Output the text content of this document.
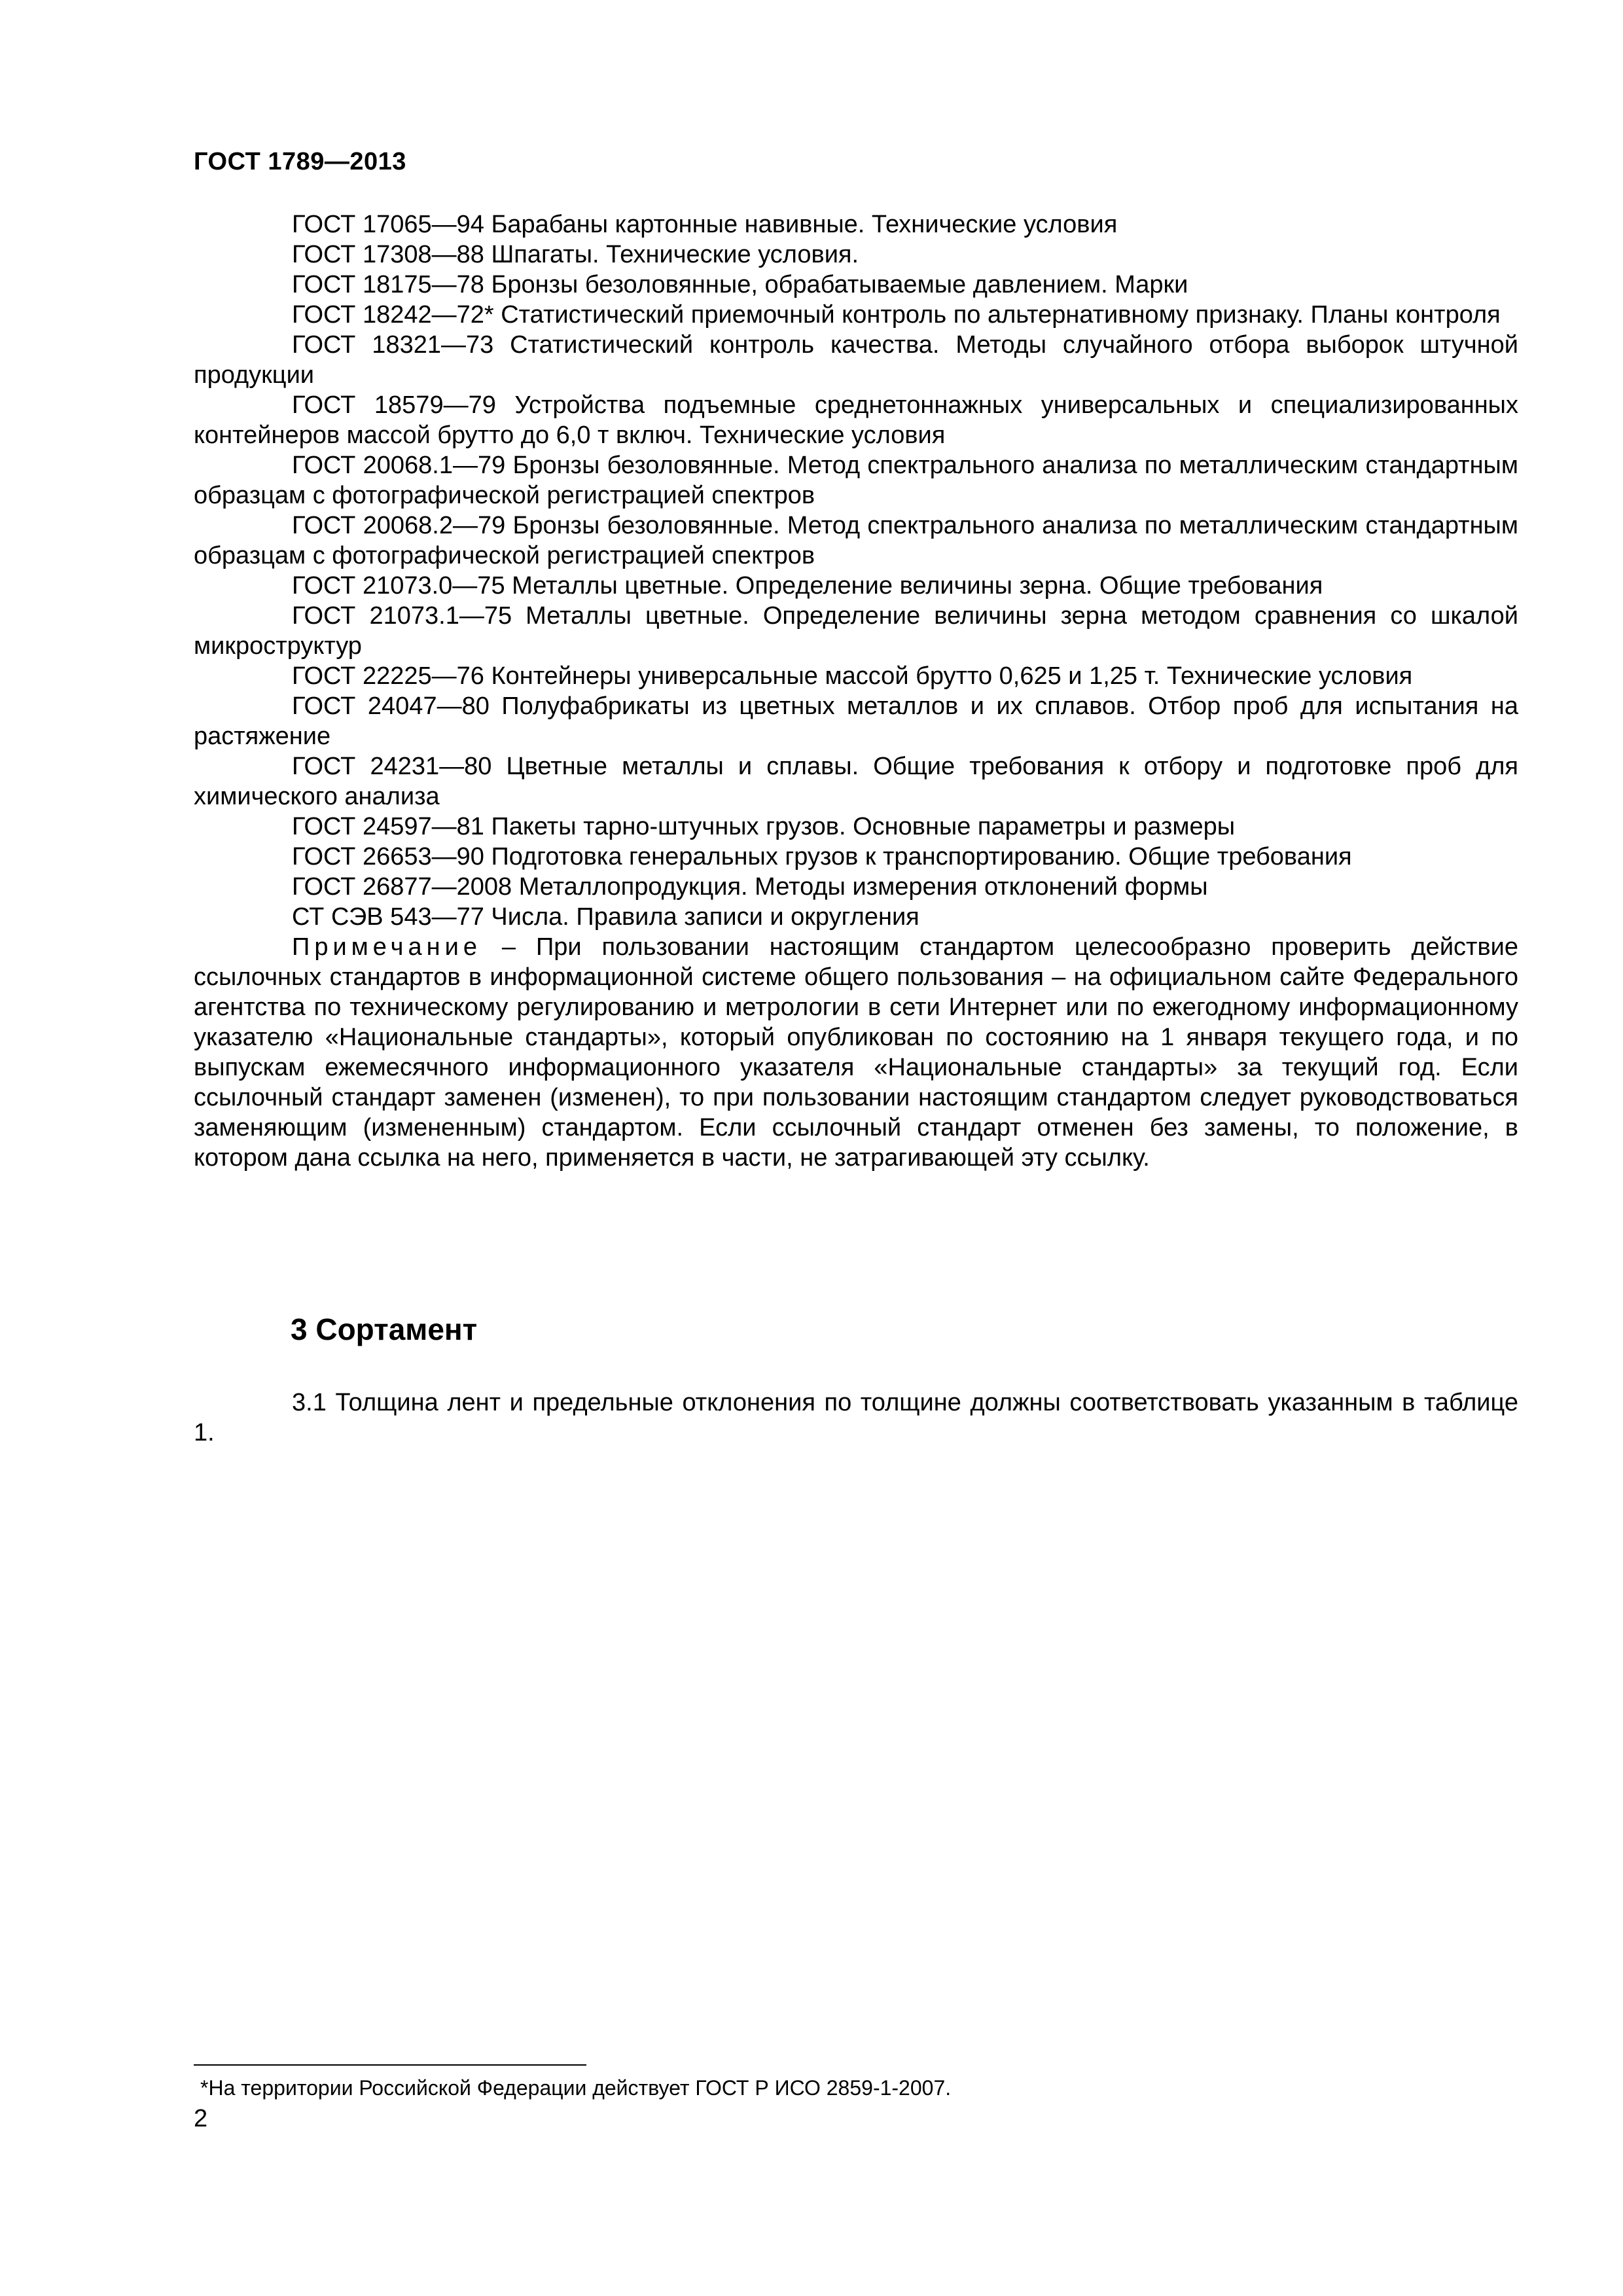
ГОСТ 1789—2013

ГОСТ 17065—94 Барабаны картонные навивные. Технические условия

ГОСТ 17308—88 Шпагаты. Технические условия.

ГОСТ 18175—78 Бронзы безоловянные, обрабатываемые давлением. Марки

ГОСТ 18242—72* Статистический приемочный контроль по альтернативному признаку. Планы контроля

ГОСТ 18321—73 Статистический контроль качества. Методы случайного отбора выборок штучной продукции

ГОСТ 18579—79 Устройства подъемные среднетоннажных универсальных и специализированных контейнеров массой брутто до 6,0 т включ. Технические условия

ГОСТ 20068.1—79 Бронзы безоловянные. Метод спектрального анализа по металлическим стандартным образцам с фотографической регистрацией спектров

ГОСТ 20068.2—79 Бронзы безоловянные. Метод спектрального анализа по металлическим стандартным образцам с фотографической регистрацией спектров

ГОСТ 21073.0—75 Металлы цветные. Определение величины зерна. Общие требования

ГОСТ 21073.1—75 Металлы цветные. Определение величины зерна методом сравнения со шкалой микроструктур

ГОСТ 22225—76 Контейнеры универсальные массой брутто 0,625 и 1,25 т. Технические условия

ГОСТ 24047—80 Полуфабрикаты из цветных металлов и их сплавов. Отбор проб для испытания на растяжение

ГОСТ 24231—80 Цветные металлы и сплавы. Общие требования к отбору и подготовке проб для химического анализа

ГОСТ 24597—81 Пакеты тарно-штучных грузов. Основные параметры и размеры

ГОСТ 26653—90 Подготовка генеральных грузов к транспортированию. Общие требования

ГОСТ 26877—2008 Металлопродукция. Методы измерения отклонений формы

СТ СЭВ 543—77 Числа. Правила записи и округления

Примечание – При пользовании настоящим стандартом целесообразно проверить действие ссылочных стандартов в информационной системе общего пользования – на официальном сайте Федерального агентства по техническому регулированию и метрологии в сети Интернет или по ежегодному информационному указателю «Национальные стандарты», который опубликован по состоянию на 1 января текущего года, и по выпускам ежемесячного информационного указателя «Национальные стандарты» за текущий год. Если ссылочный стандарт заменен (изменен), то при пользовании настоящим стандартом следует руководствоваться заменяющим (измененным) стандартом. Если ссылочный стандарт отменен без замены, то положение, в котором дана ссылка на него, применяется в части, не затрагивающей эту ссылку.

3 Сортамент

3.1 Толщина лент и предельные отклонения по толщине должны соответствовать указанным в таблице 1.

*На территории Российской Федерации действует ГОСТ Р ИСО 2859-1-2007.
2
